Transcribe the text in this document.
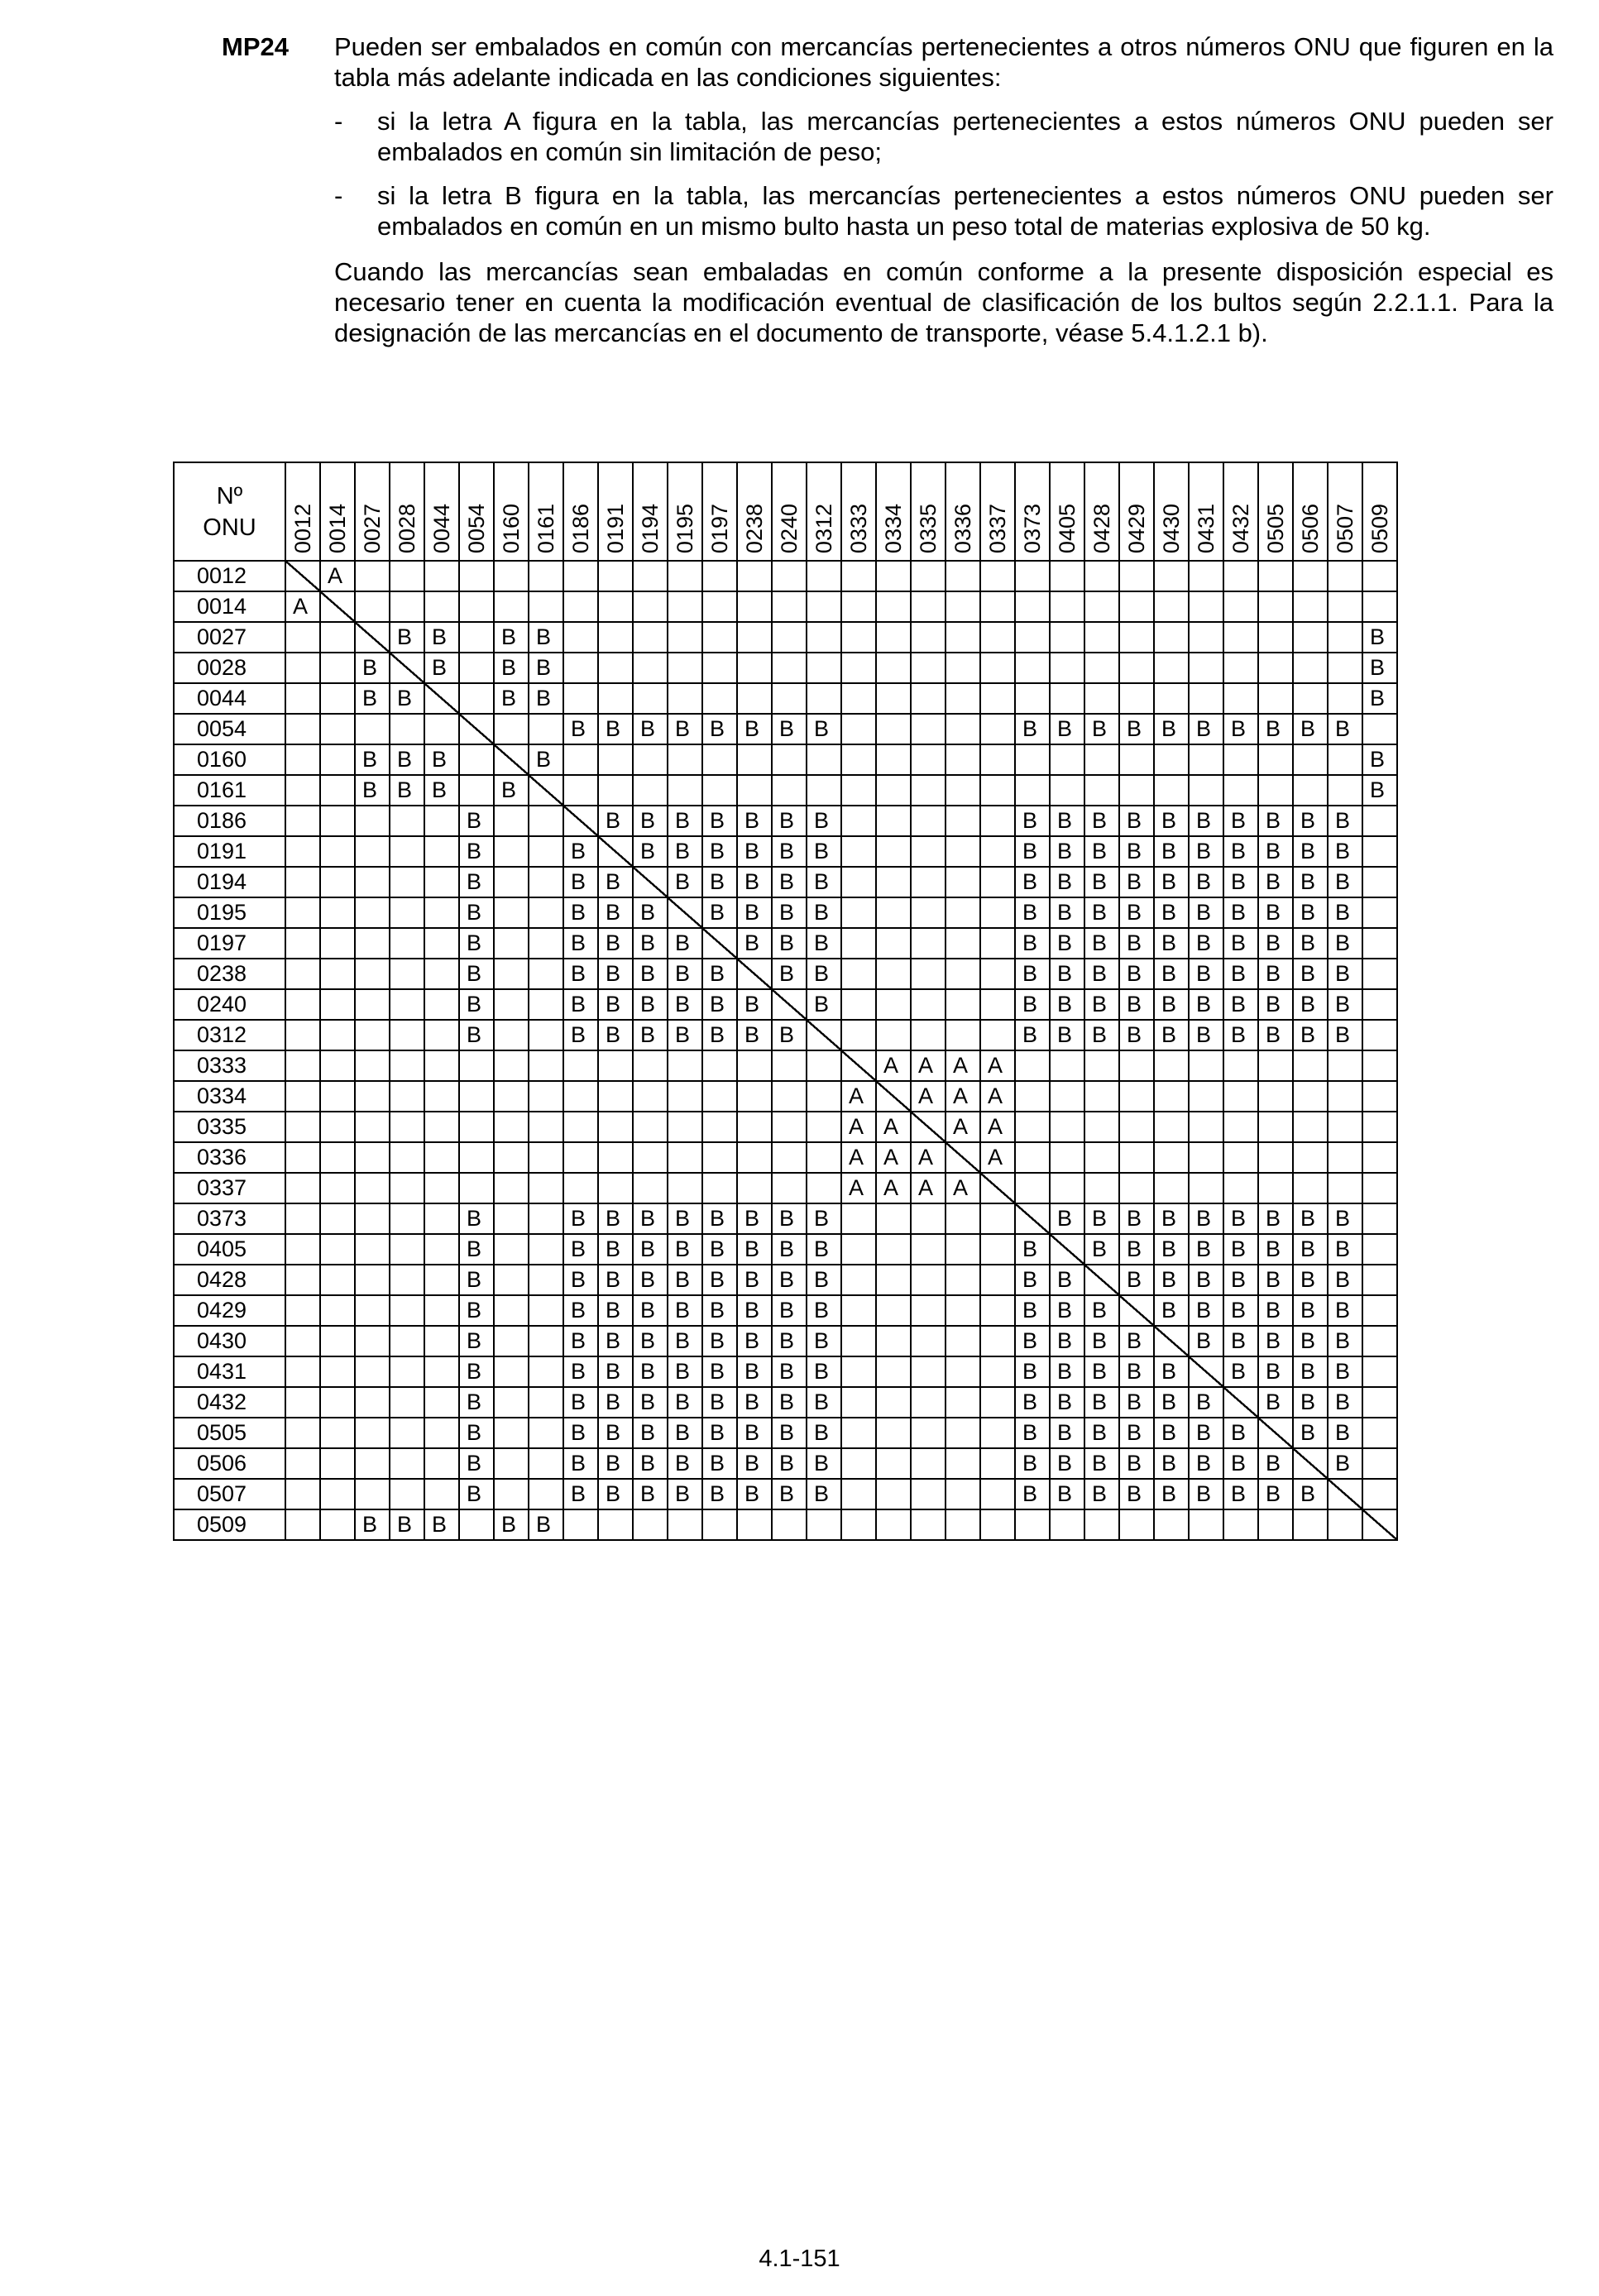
MP24 Pueden ser embalados en común con mercancías pertenecientes a otros números ONU que figuren en la tabla más adelante indicada en las condiciones siguientes:

- si la letra A figura en la tabla, las mercancías pertenecientes a estos números ONU pueden ser embalados en común sin limitación de peso;

- si la letra B figura en la tabla, las mercancías pertenecientes a estos números ONU pueden ser embalados en común en un mismo bulto hasta un peso total de materias explosiva de 50 kg.

Cuando las mercancías sean embaladas en común conforme a la presente disposición especial es necesario tener en cuenta la modificación eventual de clasificación de los bultos según 2.2.1.1. Para la designación de las mercancías en el documento de transporte, véase 5.4.1.2.1 b).

Nº
ONU	0012	0014	0027	0028	0044	0054	0160	0161	0186	0191	0194	0195	0197	0238	0240	0312	0333	0334	0335	0336	0337	0373	0405	0428	0429	0430	0431	0432	0505	0506	0507	0509

0012		A																														
0014	A																															
0027				B	B		B	B																								B
0028			B		B		B	B																								B
0044			B	B			B	B																								B
0054									B	B	B	B	B	B	B	B						B	B	B	B	B	B	B	B	B	B	
0160			B	B	B			B																								B
0161			B	B	B		B																									B
0186						B				B	B	B	B	B	B	B						B	B	B	B	B	B	B	B	B	B	
0191						B			B		B	B	B	B	B	B						B	B	B	B	B	B	B	B	B	B	
0194						B			B	B		B	B	B	B	B						B	B	B	B	B	B	B	B	B	B	
0195						B			B	B	B		B	B	B	B						B	B	B	B	B	B	B	B	B	B	
0197						B			B	B	B	B		B	B	B						B	B	B	B	B	B	B	B	B	B	
0238						B			B	B	B	B	B		B	B						B	B	B	B	B	B	B	B	B	B	
0240						B			B	B	B	B	B	B		B						B	B	B	B	B	B	B	B	B	B	
0312						B			B	B	B	B	B	B	B							B	B	B	B	B	B	B	B	B	B	
0333																		A	A	A	A											
0334																	A		A	A	A											
0335																	A	A		A	A											
0336																	A	A	A		A											
0337																	A	A	A	A												
0373						B			B	B	B	B	B	B	B	B							B	B	B	B	B	B	B	B	B	
0405						B			B	B	B	B	B	B	B	B						B		B	B	B	B	B	B	B	B	
0428						B			B	B	B	B	B	B	B	B						B	B		B	B	B	B	B	B	B	
0429						B			B	B	B	B	B	B	B	B						B	B	B		B	B	B	B	B	B	
0430						B			B	B	B	B	B	B	B	B						B	B	B	B		B	B	B	B	B	
0431						B			B	B	B	B	B	B	B	B						B	B	B	B	B		B	B	B	B	
0432						B			B	B	B	B	B	B	B	B						B	B	B	B	B	B		B	B	B	
0505						B			B	B	B	B	B	B	B	B						B	B	B	B	B	B	B		B	B	
0506						B			B	B	B	B	B	B	B	B						B	B	B	B	B	B	B	B		B	
0507						B			B	B	B	B	B	B	B	B						B	B	B	B	B	B	B	B	B		
0509			B	B	B		B	B																								
4.1-151
